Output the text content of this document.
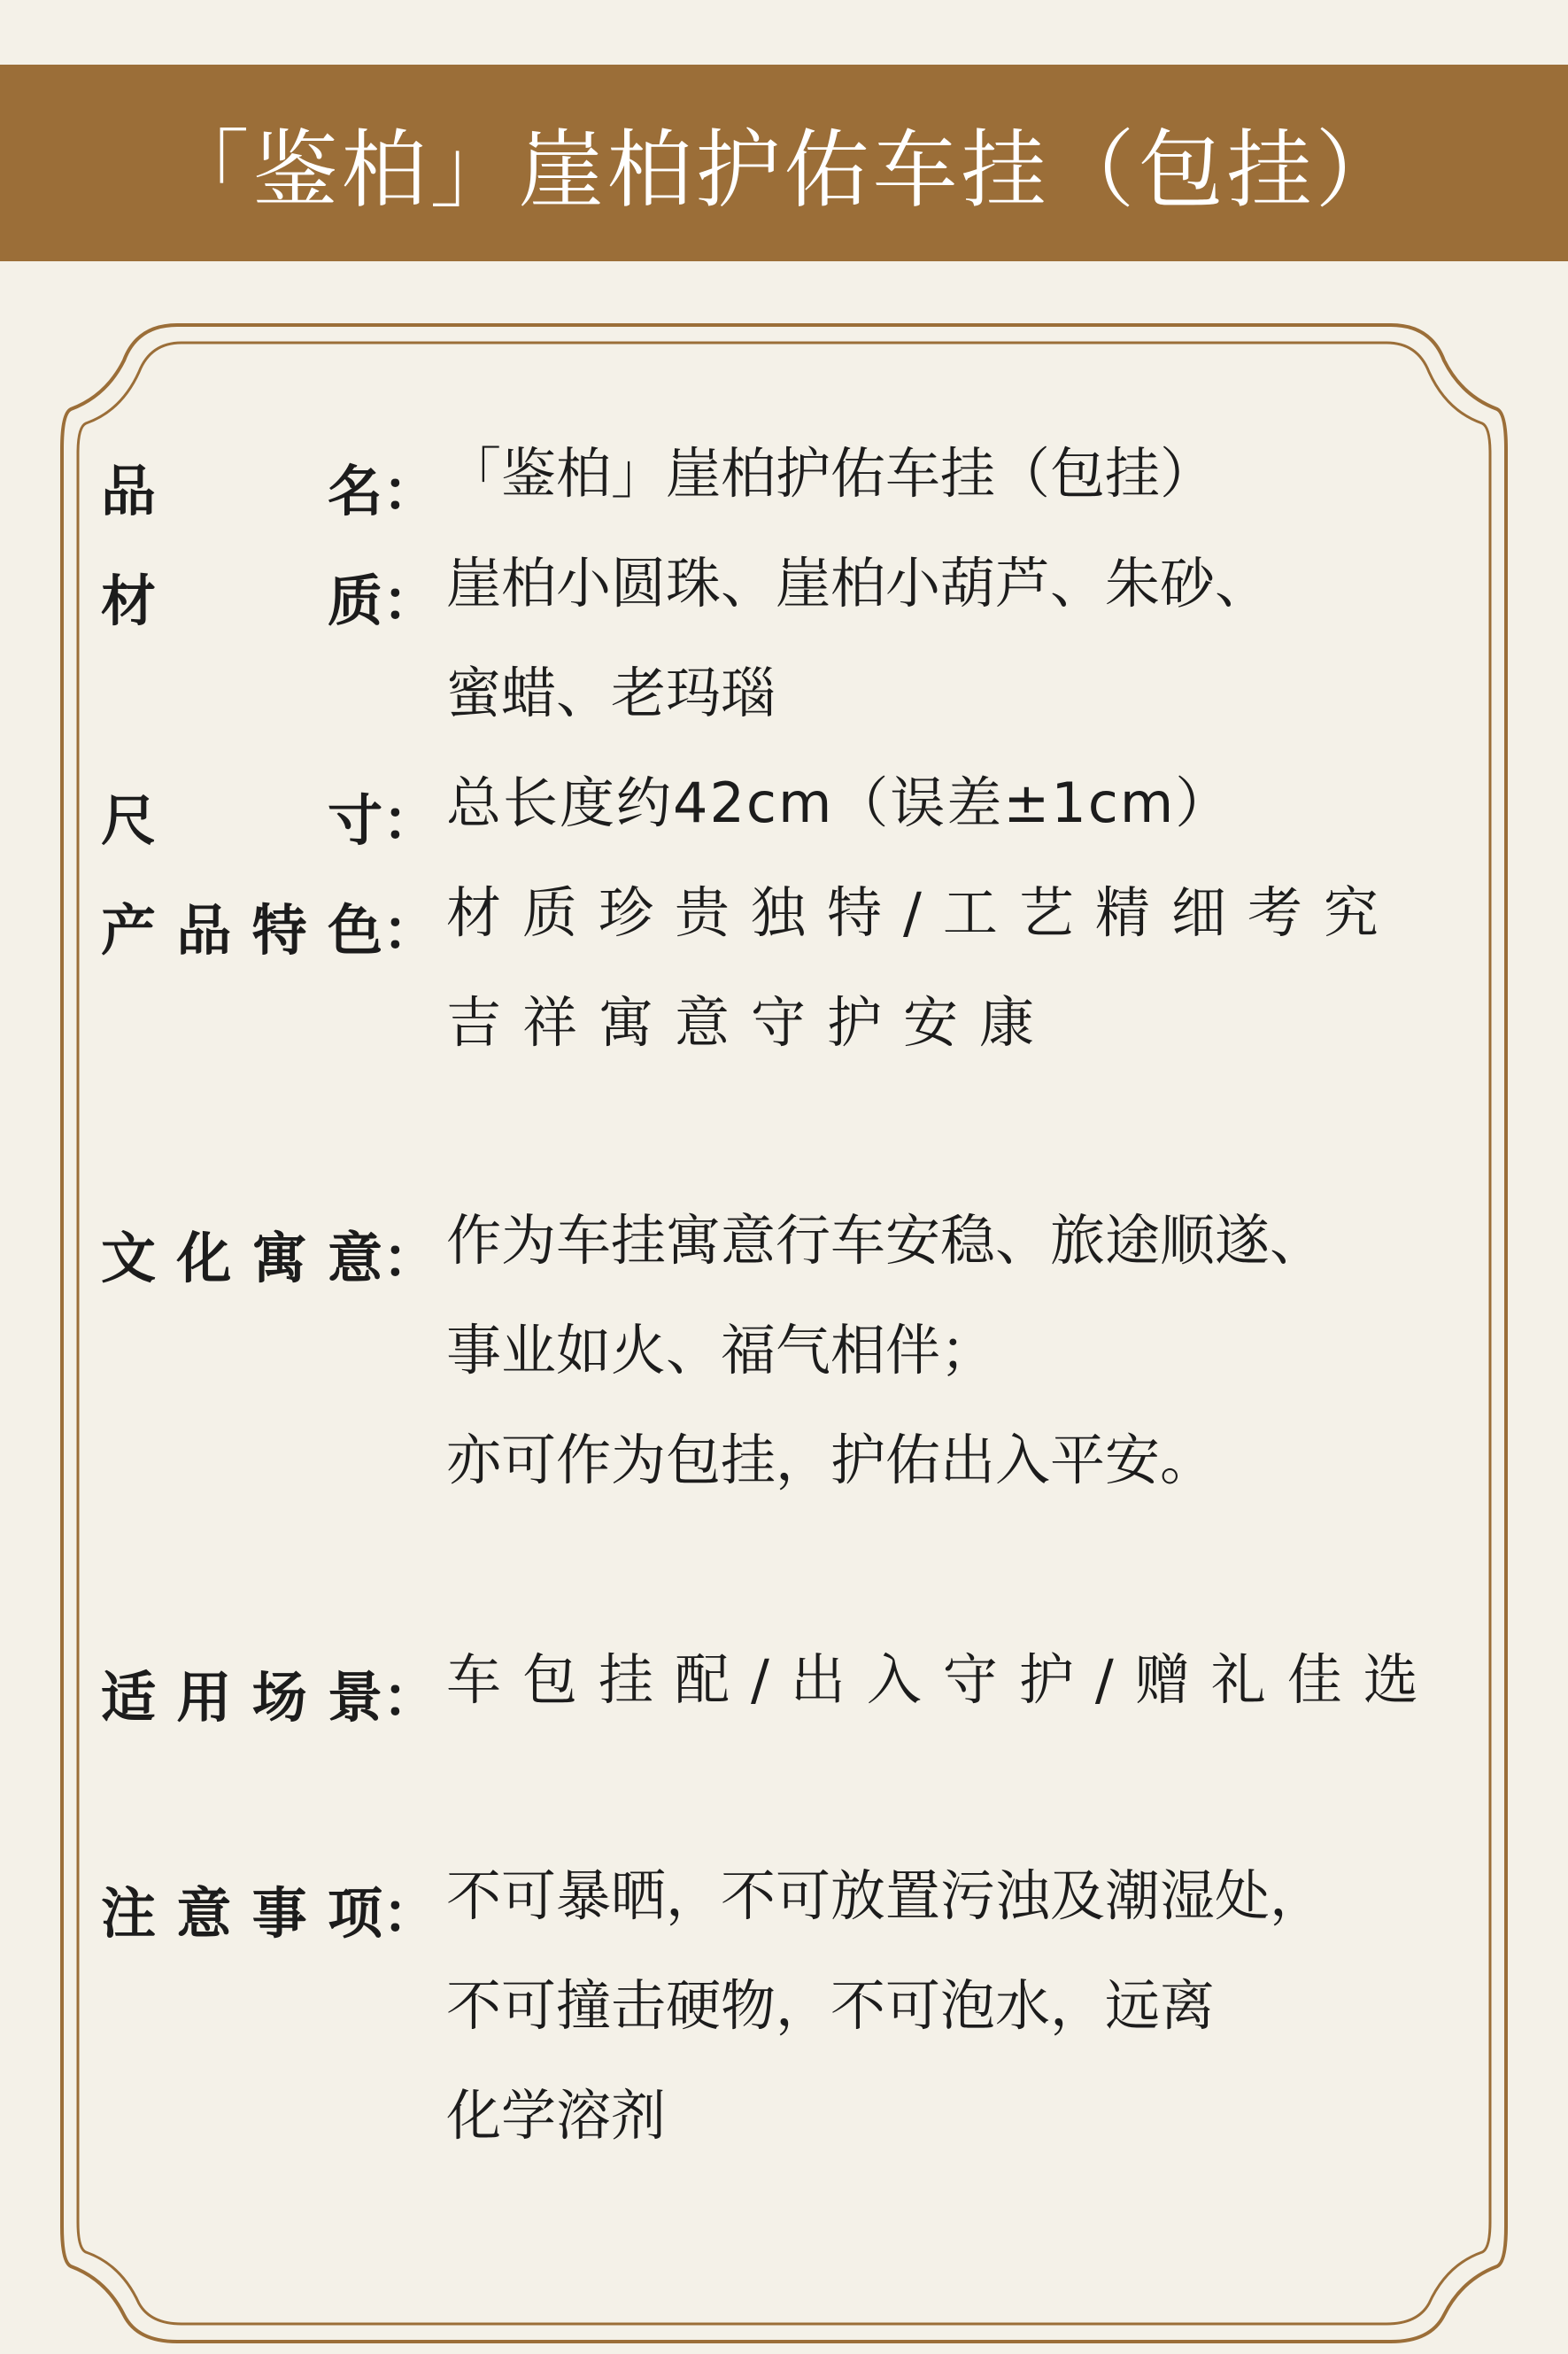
「鉴柏」崖柏护佑车挂（包挂）
品	名 ： 「鉴柏」崖柏护佑车挂（包挂）
材	质 ： 崖柏小圆珠、崖柏小葫芦、朱砂、
蜜蜡、老玛瑙
尺	寸 ： 总长度约42cm（误差±1cm）
产 品 特 色 ： 材质珍贵独特/工艺精细考究
吉祥寓意守护安康
文 化 寓 意 ： 作为车挂寓意行车安稳、旅途顺遂、
事业如火、福气相伴；
亦可作为包挂，护佑出入平安。
适 用 场 景 ： 车包挂配/出入守护/赠礼佳选
注 意 事 项 ： 不可暴晒，不可放置污浊及潮湿处，
不可撞击硬物，不可泡水，远离
化学溶剂
